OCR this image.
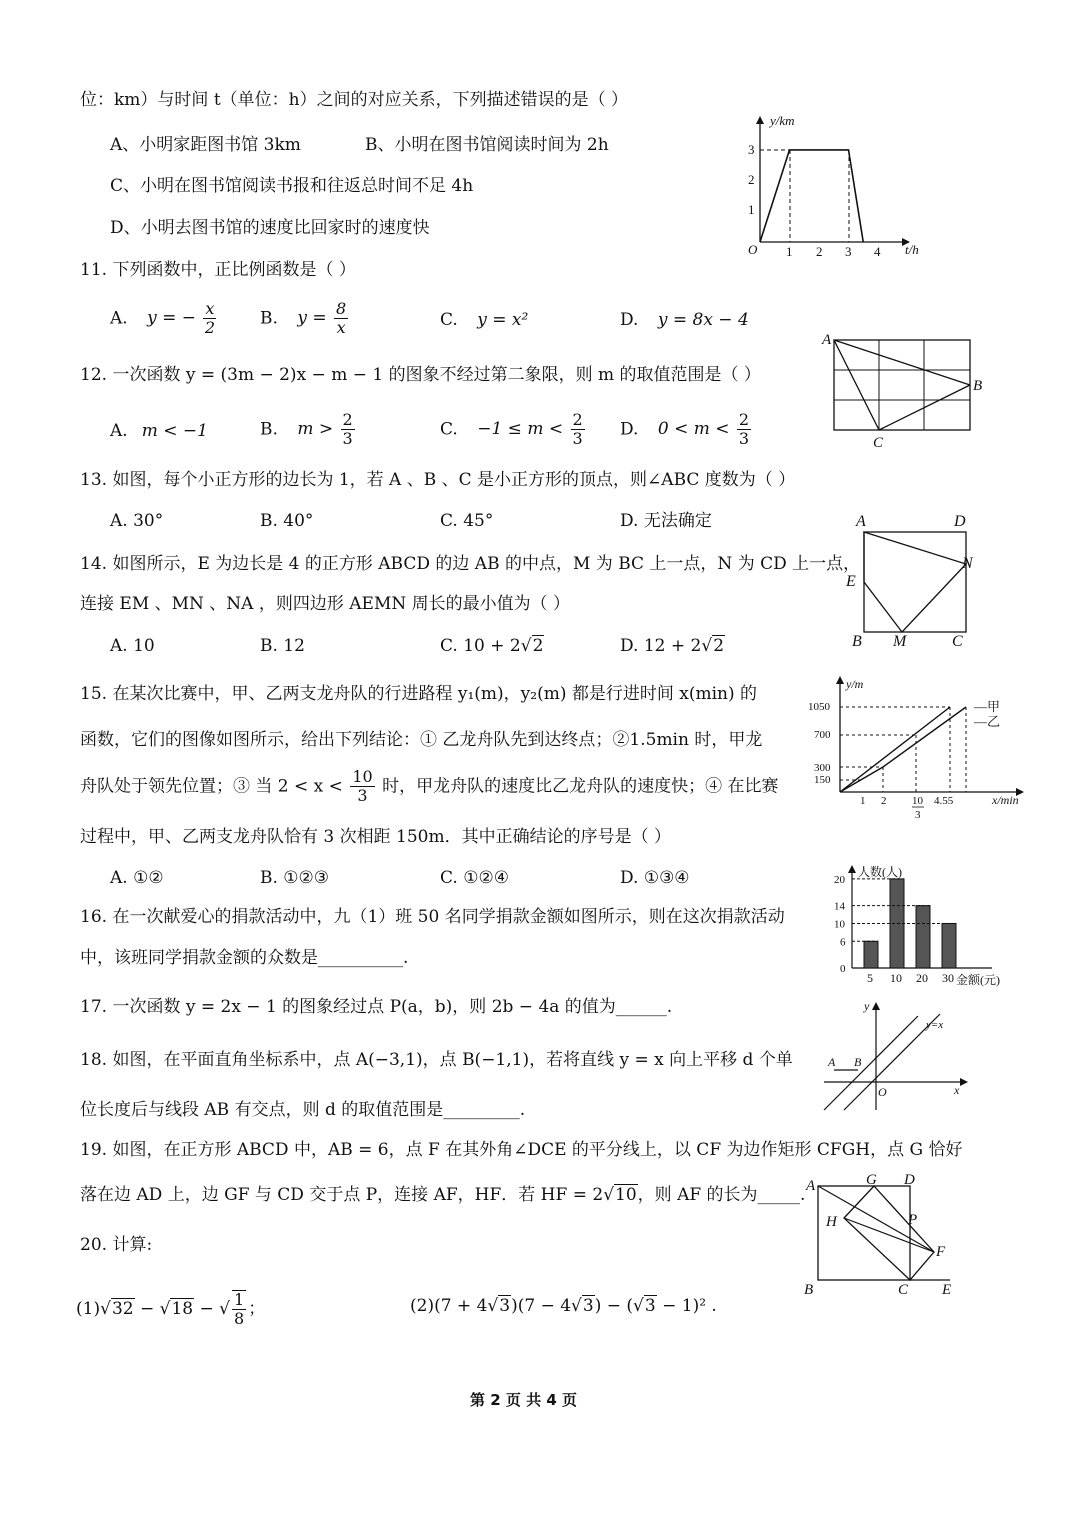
位：km）与时间 t（单位：h）之间的对应关系，下列描述错误的是（ ）
A、小明家距图书馆 3km	B、小明在图书馆阅读时间为 2h
C、小明在图书馆阅读书报和往返总时间不足 4h
D、小明去图书馆的速度比回家时的速度快
y/km
t/h
O
1
2
3
1 2 3 4
11. 下列函数中，正比例函数是（ ）
A. y = − $\frac{x}{2}$	B. $y = \frac{8}{x}$	C. y = x²	D. y = 8x − 4
A
B
C
12. 一次函数 y = (3m − 2)x − m − 1 的图象不经过第二象限，则 m 的取值范围是（ ）
A. m < −1	B. $m > \frac{2}{3}$	C. $-1 \le m < \frac{2}{3} D$. $0 < m < \frac{2}{3}$
13. 如图，每个小正方形的边长为 1，若 A 、B 、C 是小正方形的顶点，则∠ABC 度数为（ ）
A. 30°	B. 40°	C. 45°	D. 无法确定	A	D
E
N
B M	C
14. 如图所示，E 为边长是 4 的正方形 ABCD 的边 AB 的中点，M 为 BC 上一点，N 为 CD 上一点，
连接 EM 、MN 、NA ，则四边形 AEMN 周长的最小值为（ ）
A. 10	B. 12	C. 10 + 2√2	D. 12 + 2√2
y/m
x/min
150
300
700
1050
1 2 10
3
4.55
—甲
—乙
15. 在某次比赛中，甲、乙两支龙舟队的行进路程 y₁(m)，y₂(m) 都是行进时间 x(min) 的
函数，它们的图像如图所示，给出下列结论：① 乙龙舟队先到达终点；②1.5min 时，甲龙
舟队处于领先位置；③ 当 $2 < x < \frac{10}{3}$ 时，甲龙舟队的速度比乙龙舟队的速度快；④ 在比赛
过程中，甲、乙两支龙舟队恰有 3 次相距 150m．其中正确结论的序号是（ ）
A. ①②	B. ①②③	C. ①②④	D. ①③④	人数(人)
金额(元)
0
5 10 20 30
6
10
14
20
16. 在一次献爱心的捐款活动中，九（1）班 50 名同学捐款金额如图所示，则在这次捐款活动
中，该班同学捐款金额的众数是__________.
y
x
O
y=x
A B
17. 一次函数 y = 2x − 1 的图象经过点 P(a，b)，则 2b − 4a 的值为______.
18. 如图，在平面直角坐标系中，点 A(−3,1)，点 B(−1,1)，若将直线 y = x 向上平移 d 个单
位长度后与线段 AB 有交点，则 d 的取值范围是_________.
19. 如图，在正方形 ABCD 中，AB = 6，点 F 在其外角∠DCE 的平分线上，以 CF 为边作矩形 CFGH，点 G 恰好
落在边 AD 上，边 GF 与 CD 交于点 P，连接 AF，HF．若 HF = 2√10，则 AF 的长为_____. A	G D
H	P
F
B	C E
20. 计算:
(1)√32 − √18 − √ $\frac{1}{8}$ ；	(2)(7 + 4√3)(7 − 4√3) − (√3 − 1)² .
第 2 页 共 4 页
